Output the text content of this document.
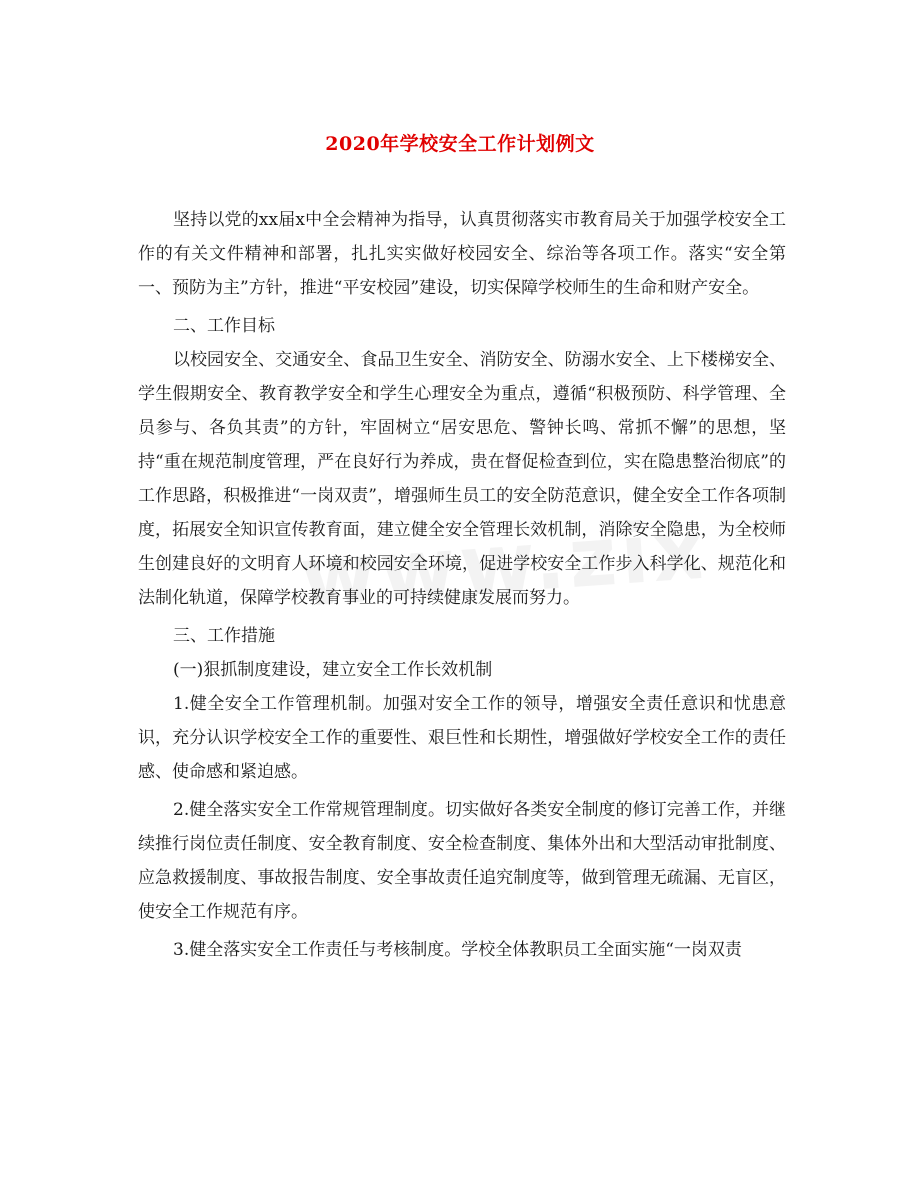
2020年学校安全工作计划例文

坚持以党的xx届x中全会精神为指导，认真贯彻落实市教育局关于加强学校安全工作的有关文件精神和部署，扎扎实实做好校园安全、综治等各项工作。落实“安全第一、预防为主”方针，推进“平安校园”建设，切实保障学校师生的生命和财产安全。

二、工作目标

以校园安全、交通安全、食品卫生安全、消防安全、防溺水安全、上下楼梯安全、学生假期安全、教育教学安全和学生心理安全为重点，遵循“积极预防、科学管理、全员参与、各负其责”的方针，牢固树立“居安思危、警钟长鸣、常抓不懈”的思想，坚持“重在规范制度管理，严在良好行为养成，贵在督促检查到位，实在隐患整治彻底”的工作思路，积极推进“一岗双责”，增强师生员工的安全防范意识，健全安全工作各项制度，拓展安全知识宣传教育面，建立健全安全管理长效机制，消除安全隐患，为全校师生创建良好的文明育人环境和校园安全环境，促进学校安全工作步入科学化、规范化和法制化轨道，保障学校教育事业的可持续健康发展而努力。

三、工作措施

(一)狠抓制度建设，建立安全工作长效机制

1.健全安全工作管理机制。加强对安全工作的领导，增强安全责任意识和忧患意识，充分认识学校安全工作的重要性、艰巨性和长期性，增强做好学校安全工作的责任感、使命感和紧迫感。

2.健全落实安全工作常规管理制度。切实做好各类安全制度的修订完善工作，并继续推行岗位责任制度、安全教育制度、安全检查制度、集体外出和大型活动审批制度、应急救援制度、事故报告制度、安全事故责任追究制度等，做到管理无疏漏、无盲区，使安全工作规范有序。

3.健全落实安全工作责任与考核制度。学校全体教职员工全面实施“一岗双责
